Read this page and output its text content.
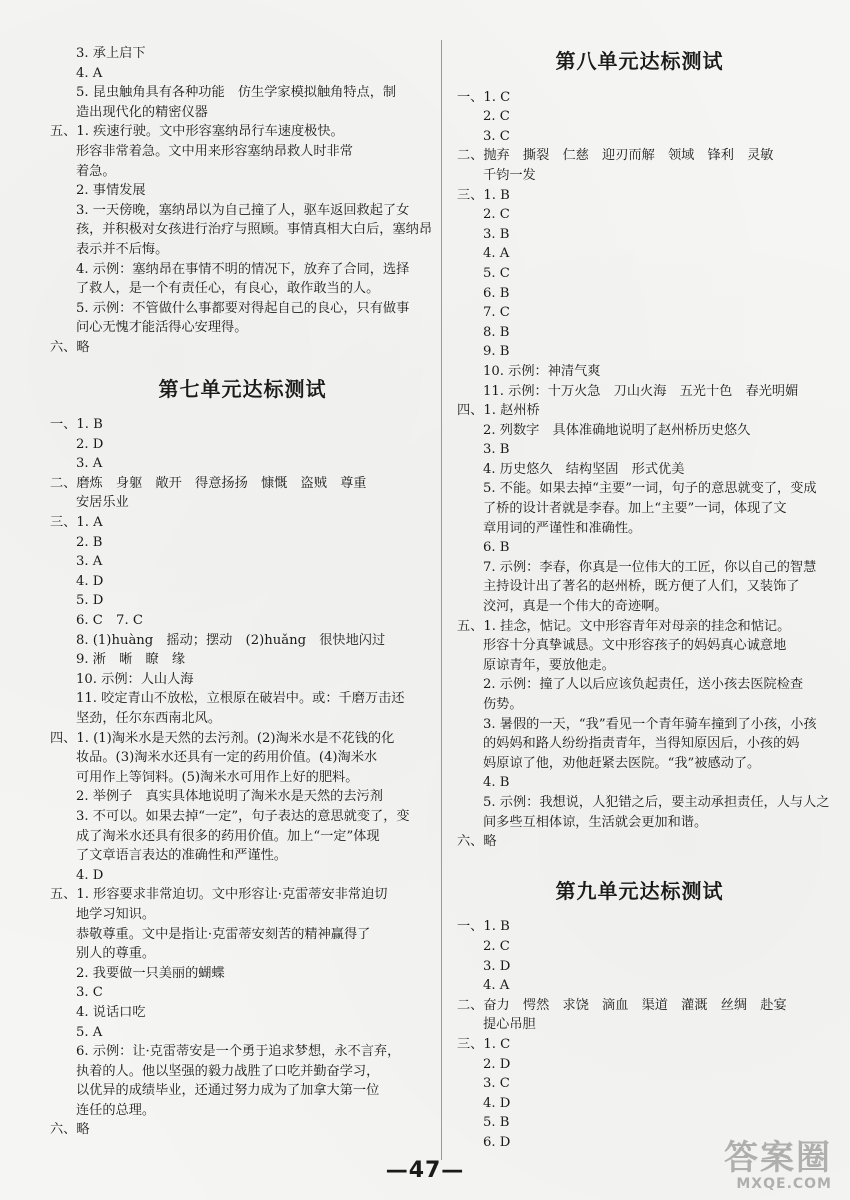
3. 承上启下
4. A
5. 昆虫触角具有各种功能　仿生学家模拟触角特点，制
造出现代化的精密仪器
五、1. 疾速行驶。文中形容塞纳昂行车速度极快。
形容非常着急。文中用来形容塞纳昂救人时非常
着急。
2. 事情发展
3. 一天傍晚，塞纳昂以为自己撞了人，驱车返回救起了女
孩，并积极对女孩进行治疗与照顾。事情真相大白后，塞纳昂
表示并不后悔。
4. 示例：塞纳昂在事情不明的情况下，放弃了合同，选择
了救人，是一个有责任心，有良心，敢作敢当的人。
5. 示例：不管做什么事都要对得起自己的良心，只有做事
问心无愧才能活得心安理得。
六、略
第七单元达标测试
一、1. B
2. D
3. A
二、磨炼　身躯　敞开　得意扬扬　慷慨　盗贼　尊重
安居乐业
三、1. A
2. B
3. A
4. D
5. D
6. C　7. C
8. (1)huàng　摇动；摆动　(2)huǎng　很快地闪过
9. 淅　晰　瞭　缘
10. 示例：人山人海
11. 咬定青山不放松，立根原在破岩中。或：千磨万击还
坚劲，任尔东西南北风。
四、1. (1)淘米水是天然的去污剂。(2)淘米水是不花钱的化
妆品。(3)淘米水还具有一定的药用价值。(4)淘米水
可用作上等饲料。(5)淘米水可用作上好的肥料。
2. 举例子　真实具体地说明了淘米水是天然的去污剂
3. 不可以。如果去掉“一定”，句子表达的意思就变了，变
成了淘米水还具有很多的药用价值。加上“一定”体现
了文章语言表达的准确性和严谨性。
4. D
五、1. 形容要求非常迫切。文中形容让·克雷蒂安非常迫切
地学习知识。
恭敬尊重。文中是指让·克雷蒂安刻苦的精神赢得了
别人的尊重。
2. 我要做一只美丽的蝴蝶
3. C
4. 说话口吃
5. A
6. 示例：让·克雷蒂安是一个勇于追求梦想，永不言弃，
执着的人。他以坚强的毅力战胜了口吃并勤奋学习，
以优异的成绩毕业，还通过努力成为了加拿大第一位
连任的总理。
六、略
第八单元达标测试
一、1. C
2. C
3. C
二、抛弃　撕裂　仁慈　迎刃而解　领域　锋利　灵敏
千钧一发
三、1. B
2. C
3. B
4. A
5. C
6. B
7. C
8. B
9. B
10. 示例：神清气爽
11. 示例：十万火急　刀山火海　五光十色　春光明媚
四、1. 赵州桥
2. 列数字　具体准确地说明了赵州桥历史悠久
3. B
4. 历史悠久　结构坚固　形式优美
5. 不能。如果去掉“主要”一词，句子的意思就变了，变成
了桥的设计者就是李春。加上“主要”一词，体现了文
章用词的严谨性和准确性。
6. B
7. 示例：李春，你真是一位伟大的工匠，你以自己的智慧
主持设计出了著名的赵州桥，既方便了人们，又装饰了
洨河，真是一个伟大的奇迹啊。
五、1. 挂念，惦记。文中形容青年对母亲的挂念和惦记。
形容十分真挚诚恳。文中形容孩子的妈妈真心诚意地
原谅青年，要放他走。
2. 示例：撞了人以后应该负起责任，送小孩去医院检查
伤势。
3. 暑假的一天，“我”看见一个青年骑车撞到了小孩，小孩
的妈妈和路人纷纷指责青年，当得知原因后，小孩的妈
妈原谅了他，劝他赶紧去医院。“我”被感动了。
4. B
5. 示例：我想说，人犯错之后，要主动承担责任，人与人之
间多些互相体谅，生活就会更加和谐。
六、略
第九单元达标测试
一、1. B
2. C
3. D
4. A
二、奋力　愕然　求饶　滴血　渠道　灌溉　丝绸　赴宴
提心吊胆
三、1. C
2. D
3. C
4. D
5. B
6. D
—47—	答案圈
MXQE.COM
